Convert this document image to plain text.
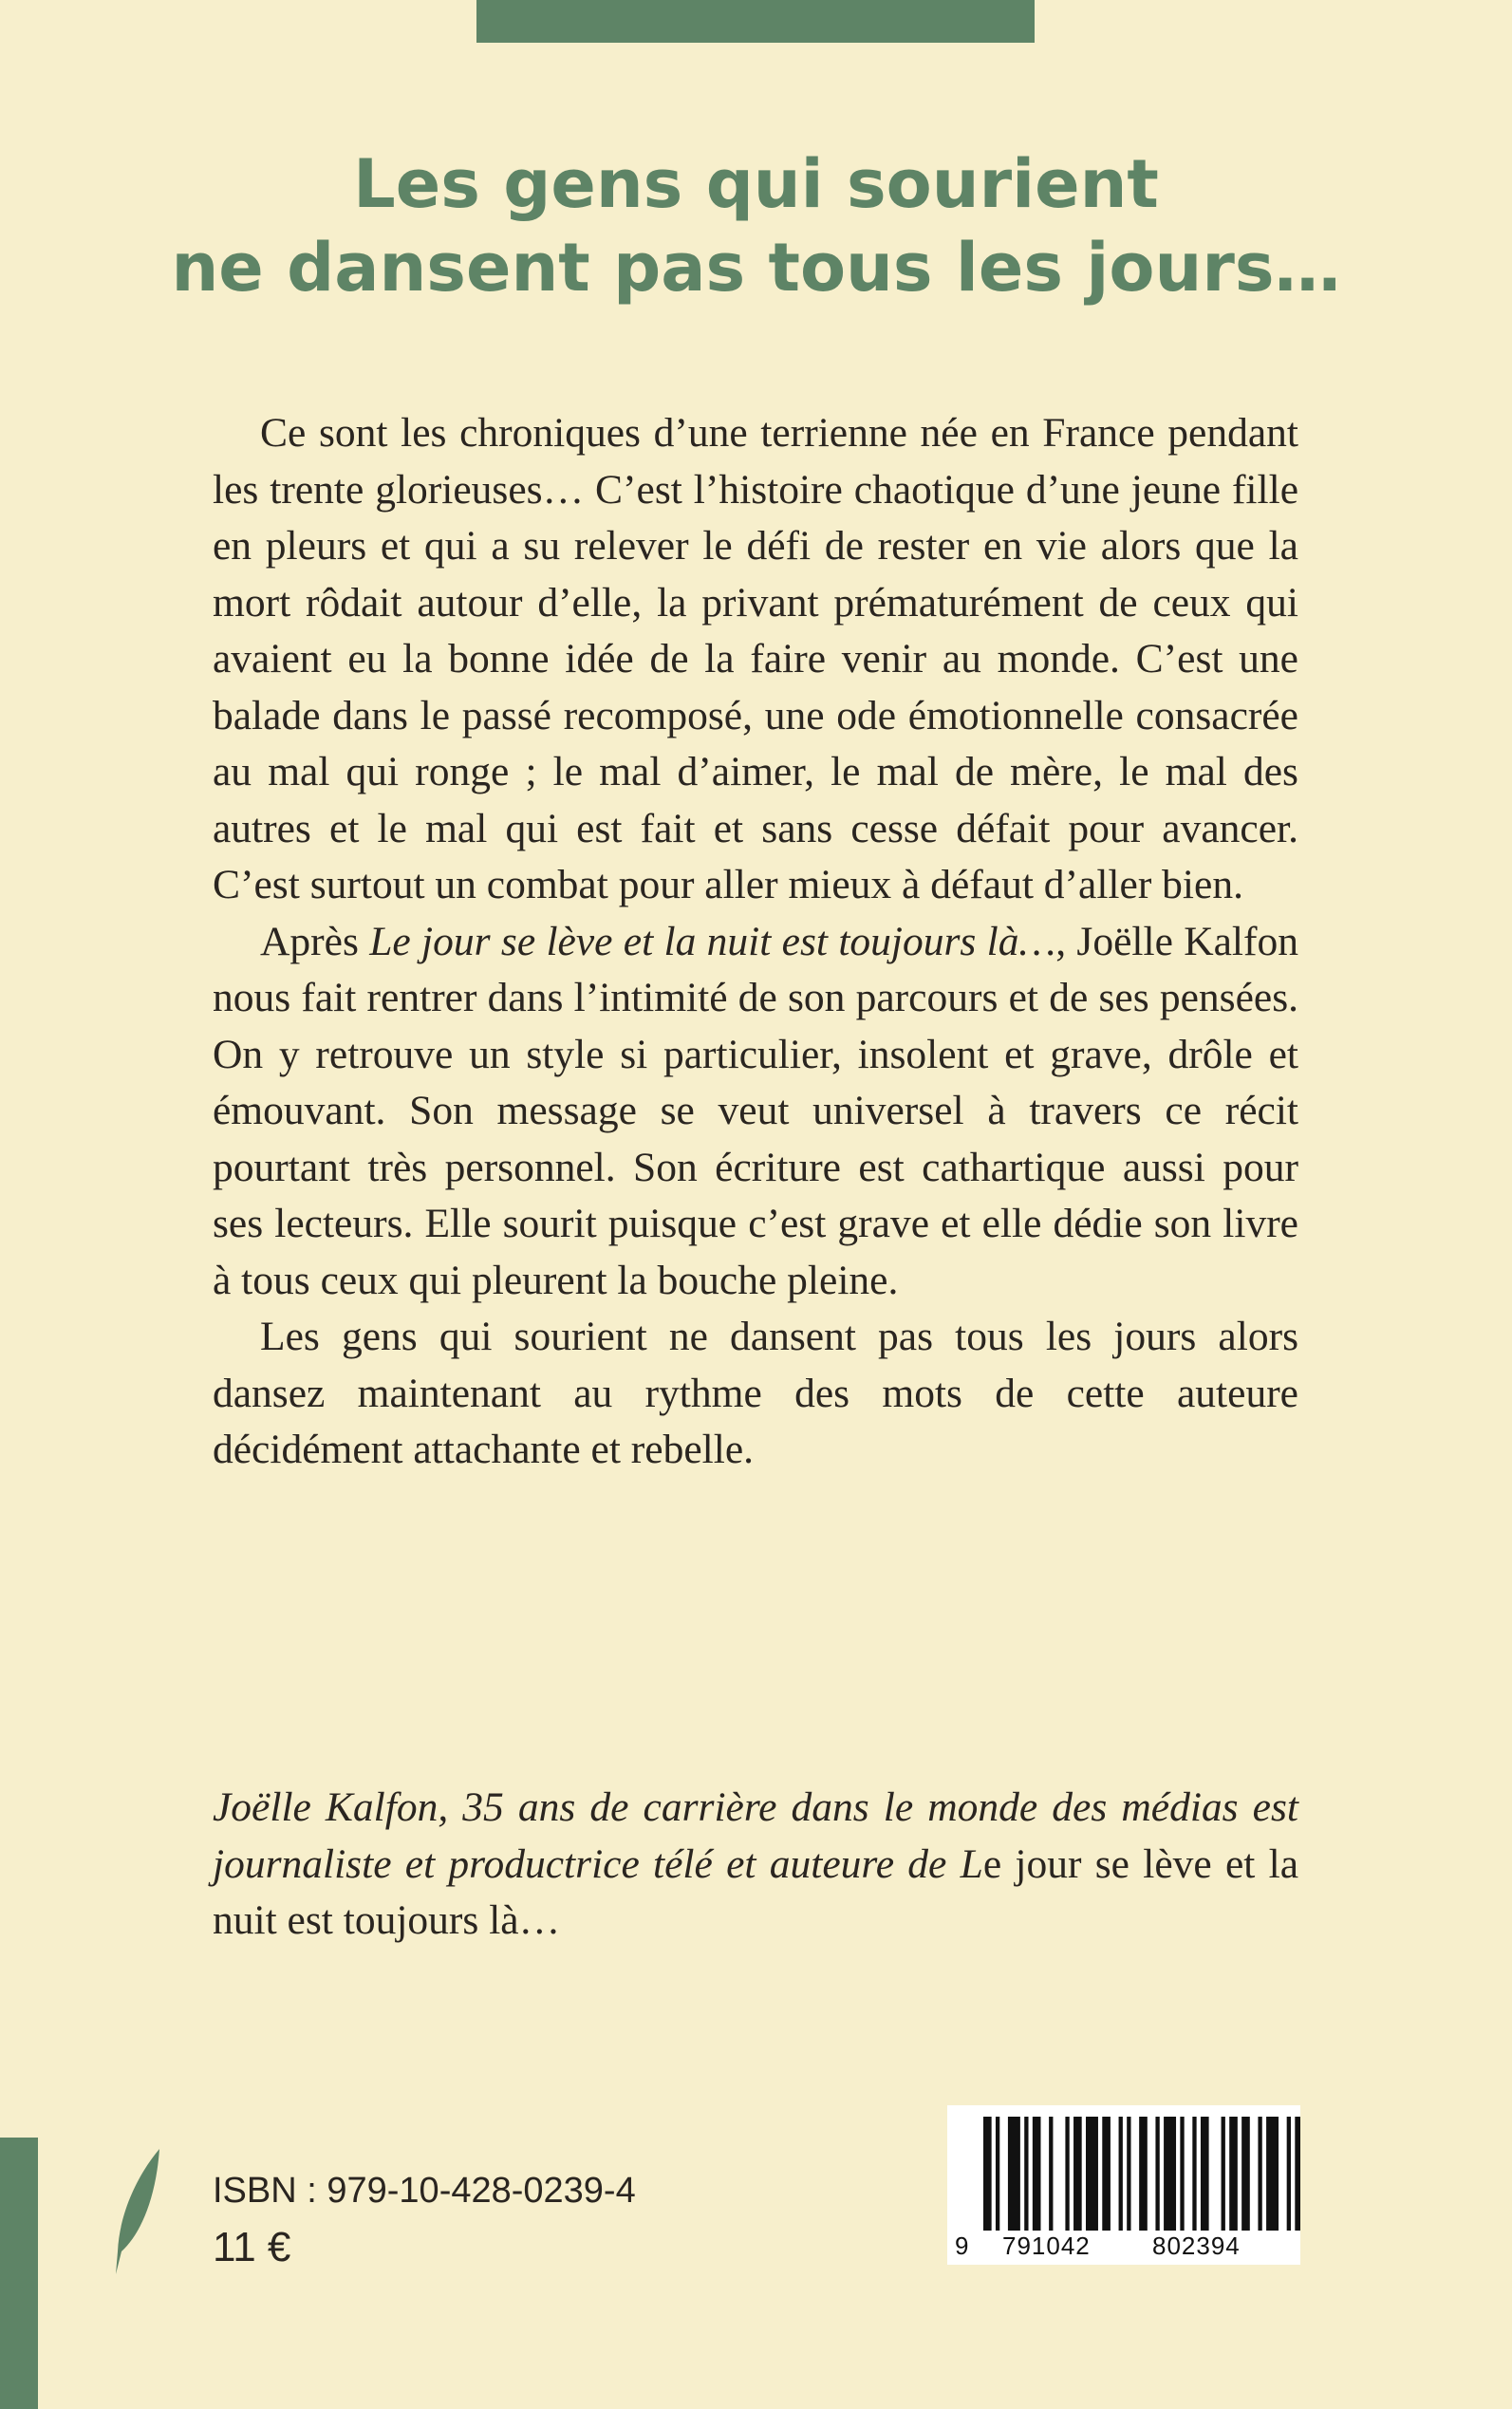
Les gens qui sourient
ne dansent pas tous les jours…

Ce sont les chroniques d’une terrienne née en France pendant les trente glorieuses… C’est l’histoire chaotique d’une jeune fille en pleurs et qui a su relever le défi de rester en vie alors que la mort rôdait autour d’elle, la privant prématurément de ceux qui avaient eu la bonne idée de la faire venir au monde. C’est une balade dans le passé recomposé, une ode émotionnelle consacrée au mal qui ronge ; le mal d’aimer, le mal de mère, le mal des autres et le mal qui est fait et sans cesse défait pour avancer. C’est surtout un combat pour aller mieux à défaut d’aller bien.

Après Le jour se lève et la nuit est toujours là…, Joëlle Kalfon nous fait rentrer dans l’intimité de son parcours et de ses pensées. On y retrouve un style si particulier, insolent et grave, drôle et émouvant. Son message se veut universel à travers ce récit pourtant très personnel. Son écriture est cathartique aussi pour ses lecteurs. Elle sourit puisque c’est grave et elle dédie son livre à tous ceux qui pleurent la bouche pleine.

Les gens qui sourient ne dansent pas tous les jours alors dansez maintenant au rythme des mots de cette auteure décidément attachante et rebelle.

Joëlle Kalfon, 35 ans de carrière dans le monde des médias est journaliste et productrice télé et auteure de Le jour se lève et la nuit est toujours là…
ISBN : 979-10-428-0239-4
11 €	9 791042	802394
